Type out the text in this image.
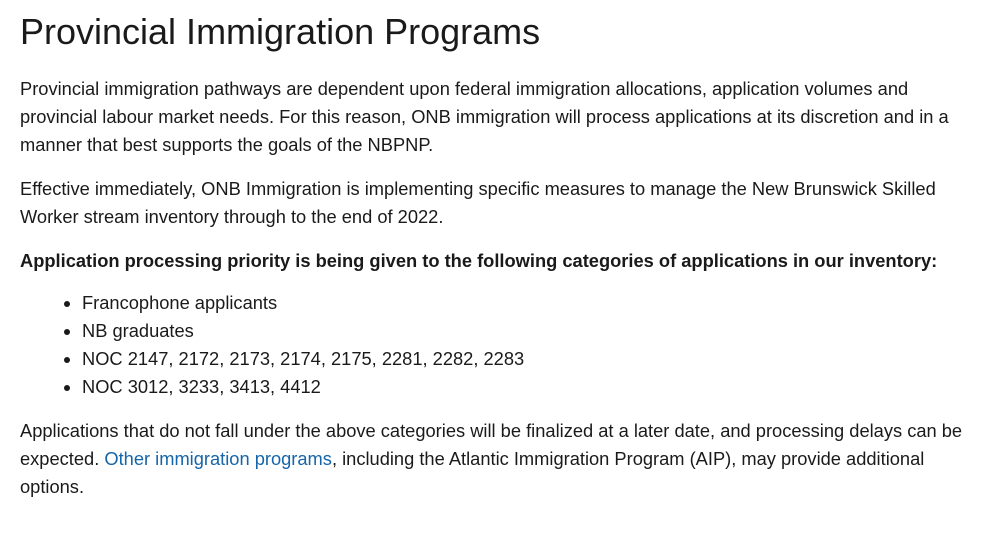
Provincial Immigration Programs

Provincial immigration pathways are dependent upon federal immigration allocations, application volumes and provincial labour market needs. For this reason, ONB immigration will process applications at its discretion and in a manner that best supports the goals of the NBPNP.

Effective immediately, ONB Immigration is implementing specific measures to manage the New Brunswick Skilled Worker stream inventory through to the end of 2022.

Application processing priority is being given to the following categories of applications in our inventory:

• Francophone applicants
• NB graduates
• NOC 2147, 2172, 2173, 2174, 2175, 2281, 2282, 2283
• NOC 3012, 3233, 3413, 4412

Applications that do not fall under the above categories will be finalized at a later date, and processing delays can be expected. Other immigration programs, including the Atlantic Immigration Program (AIP), may provide additional options.
